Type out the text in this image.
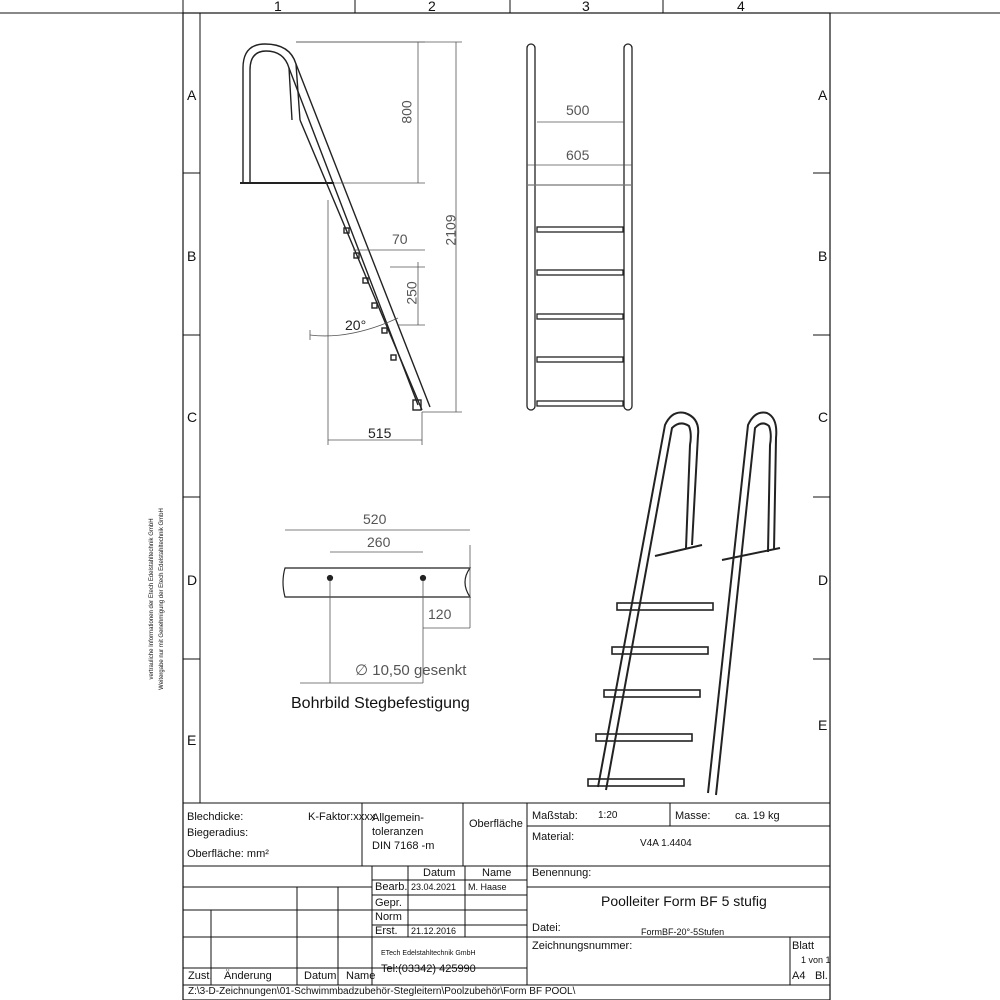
1	2	3	4
A
B
C
D
E
A
B
C
D
E
vertrauliche Informationen der Etech Edelstahltechnik GmbH Weitergabe nur mit Genehmigung der Etech Edelstahltechnik GmbH
800
2109
70
250
20°
515
500
605
520
260
120
∅ 10,50 gesenkt
Bohrbild Stegbefestigung
Blechdicke:	K-Faktor:xxxx
Biegeradius:
Oberfläche: mm²
Allgemein-
toleranzen
DIN 7168 -m
Oberfläche
Maßstab: 1:20	Masse: ca. 19 kg
Material:
V4A 1.4404
Datum Name
Bearb. 23.04.2021 M. Haase
Gepr.
Norm
Erst. 21.12.2016
Benennung:
Poolleiter Form BF 5 stufig
Datei:	FormBF-20°-5Stufen
ETech Edelstahltechnik GmbH
Tel:(03342) 425990
Zeichnungsnummer:	Blatt
1 von 1
A4 Bl.
Zust. Änderung	Datum Name
Z:\3-D-Zeichnungen\01-Schwimmbadzubehör-Stegleitern\Poolzubehör\Form BF POOL\
